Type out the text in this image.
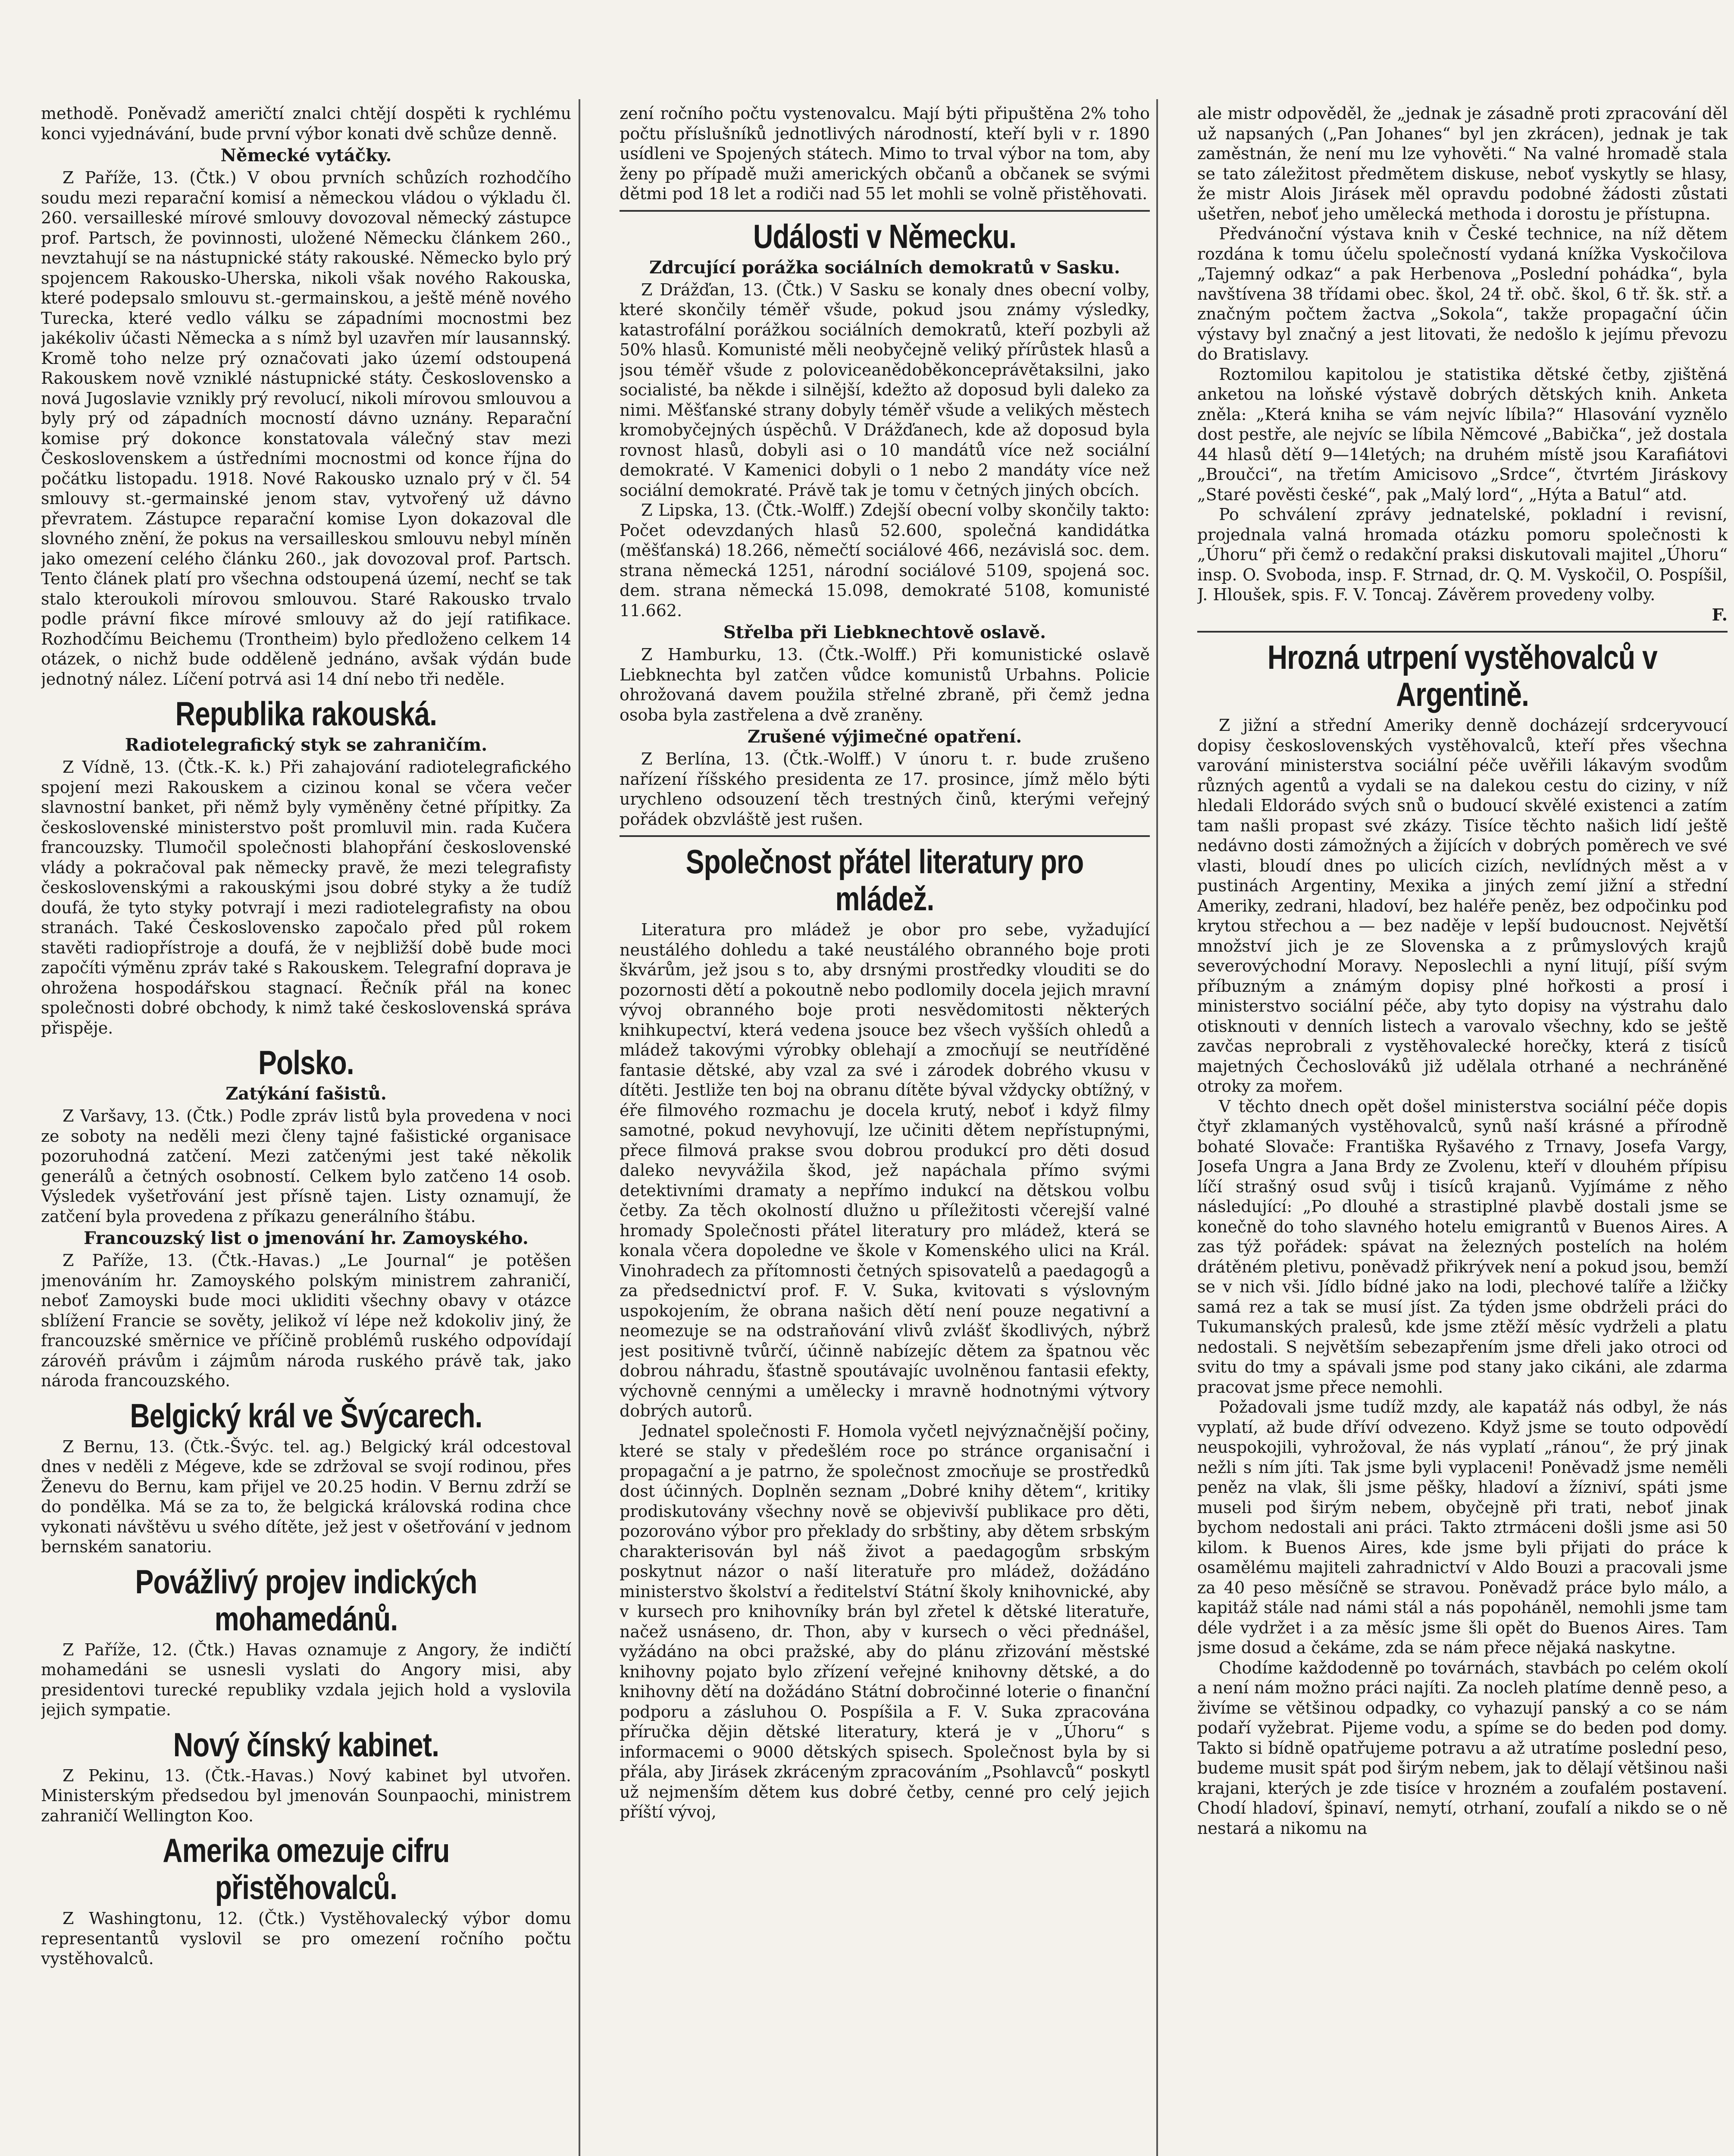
methodě. Poněvadž američtí znalci chtějí dospěti k rychlému konci vyjednávání, bude první výbor konati dvě schůze denně.

Německé vytáčky.

Z Paříže, 13. (Čtk.) V obou prvních schůzích rozhodčího soudu mezi reparační komisí a německou vládou o výkladu čl. 260. versailleské mírové smlouvy dovozoval německý zástupce prof. Partsch, že povinnosti, uložené Německu článkem 260., nevztahují se na nástupnické státy rakouské. Německo bylo prý spojencem Rakousko-Uherska, nikoli však nového Rakouska, které podepsalo smlouvu st.-germainskou, a ještě méně nového Turecka, které vedlo válku se západními mocnostmi bez jakékoliv účasti Německa a s nímž byl uzavřen mír lausannský. Kromě toho nelze prý označovati jako území odstoupená Rakouskem nově vzniklé nástupnické státy. Československo a nová Jugoslavie vznikly prý revolucí, nikoli mírovou smlouvou a byly prý od západních mocností dávno uznány. Reparační komise prý dokonce konstatovala válečný stav mezi Československem a ústředními mocnostmi od konce října do počátku listopadu. 1918. Nové Rakousko uznalo prý v čl. 54 smlouvy st.-germainské jenom stav, vytvořený už dávno převratem. Zástupce reparační komise Lyon dokazoval dle slovného znění, že pokus na versailleskou smlouvu nebyl míněn jako omezení celého článku 260., jak dovozoval prof. Partsch. Tento článek platí pro všechna odstoupená území, nechť se tak stalo kteroukoli mírovou smlouvou. Staré Rakousko trvalo podle právní fikce mírové smlouvy až do její ratifikace. Rozhodčímu Beichemu (Trontheim) bylo předloženo celkem 14 otázek, o nichž bude odděleně jednáno, avšak výdán bude jednotný nález. Líčení potrvá asi 14 dní nebo tři neděle.

Republika rakouská.
Radiotelegrafický styk se zahraničím.

Z Vídně, 13. (Čtk.-K. k.) Při zahajování radiotelegrafického spojení mezi Rakouskem a cizinou konal se včera večer slavnostní banket, při němž byly vyměněny četné přípitky. Za československé ministerstvo pošt promluvil min. rada Kučera francouzsky. Tlumočil společnosti blahopřání československé vlády a pokračoval pak německy pravě, že mezi telegrafisty československými a rakouskými jsou dobré styky a že tudíž doufá, že tyto styky potvrají i mezi radiotelegrafisty na obou stranách. Také Československo započalo před půl rokem stavěti radiopřístroje a doufá, že v nejbližší době bude moci započíti výměnu zpráv také s Rakouskem. Telegrafní doprava je ohrožena hospodářskou stagnací. Řečník přál na konec společnosti dobré obchody, k nimž také československá správa přispěje.

Polsko.
Zatýkání fašistů.

Z Varšavy, 13. (Čtk.) Podle zpráv listů byla provedena v noci ze soboty na neděli mezi členy tajné fašistické organisace pozoruhodná zatčení. Mezi zatčenými jest také několik generálů a četných osobností. Celkem bylo zatčeno 14 osob. Výsledek vyšetřování jest přísně tajen. Listy oznamují, že zatčení byla provedena z příkazu generálního štábu.

Francouzský list o jmenování hr. Zamoyského.

Z Paříže, 13. (Čtk.-Havas.) „Le Journal“ je potěšen jmenováním hr. Zamoyského polským ministrem zahraničí, neboť Zamoyski bude moci ukliditi všechny obavy v otázce sblížení Francie se sověty, jelikož ví lépe než kdokoliv jiný, že francouzské směrnice ve příčině problémů ruského odpovídají zárovéň právům i zájmům národa ruského právě tak, jako národa francouzského.

Belgický král ve Švýcarech.

Z Bernu, 13. (Čtk.-Švýc. tel. ag.) Belgický král odcestoval dnes v neděli z Mégeve, kde se zdržoval se svojí rodinou, přes Ženevu do Bernu, kam přijel ve 20.25 hodin. V Bernu zdrží se do pondělka. Má se za to, že belgická královská rodina chce vykonati návštěvu u svého dítěte, jež jest v ošetřování v jednom bernském sanatoriu.

Povážlivý projev indických mohamedánů.

Z Paříže, 12. (Čtk.) Havas oznamuje z Angory, že indičtí mohamedáni se usnesli vyslati do Angory misi, aby presidentovi turecké republiky vzdala jejich hold a vyslovila jejich sympatie.

Nový čínský kabinet.

Z Pekinu, 13. (Čtk.-Havas.) Nový kabinet byl utvořen. Ministerským předsedou byl jmenován Sounpaochi, ministrem zahraničí Wellington Koo.

Amerika omezuje cifru přistěhovalců.

Z Washingtonu, 12. (Čtk.) Vystěhovalecký výbor domu representantů vyslovil se pro omezení ročního počtu vystěhovalců.

zení ročního počtu vystenovalcu. Mají býti připuštěna 2% toho počtu příslušníků jednotlivých národností, kteří byli v r. 1890 usídleni ve Spojených státech. Mimo to trval výbor na tom, aby ženy po případě muži amerických občanů a občanek se svými dětmi pod 18 let a rodiči nad 55 let mohli se volně přistěhovati.

Události v Německu.
Zdrcující porážka sociálních demokratů v Sasku.

Z Drážďan, 13. (Čtk.) V Sasku se konaly dnes obecní volby, které skončily téměř všude, pokud jsou známy výsledky, katastrofální porážkou sociálních demokratů, kteří pozbyli až 50% hlasů. Komunisté měli neobyčejně veliký přírůstek hlasů a jsou téměř všude z poloviceanědoběkonceprávětaksilni, jako socialisté, ba někde i silnější, kdežto až doposud byli daleko za nimi. Měšťanské strany dobyly téměř všude a velikých městech kromobyčejných úspěchů. V Drážďanech, kde až doposud byla rovnost hlasů, dobyli asi o 10 mandátů více než sociální demokraté. V Kamenici dobyli o 1 nebo 2 mandáty více než sociální demokraté. Právě tak je tomu v četných jiných obcích.

Z Lipska, 13. (Čtk.-Wolff.) Zdejší obecní volby skončily takto: Počet odevzdaných hlasů 52.600, společná kandidátka (měšťanská) 18.266, němečtí sociálové 466, nezávislá soc. dem. strana německá 1251, národní sociálové 5109, spojená soc. dem. strana německá 15.098, demokraté 5108, komunisté 11.662.

Střelba při Liebknechtově oslavě.

Z Hamburku, 13. (Čtk.-Wolff.) Při komunistické oslavě Liebknechta byl zatčen vůdce komunistů Urbahns. Policie ohrožovaná davem použila střelné zbraně, při čemž jedna osoba byla zastřelena a dvě zraněny.

Zrušené výjimečné opatření.

Z Berlína, 13. (Čtk.-Wolff.) V únoru t. r. bude zrušeno nařízení říšského presidenta ze 17. prosince, jímž mělo býti urychleno odsouzení těch trestných činů, kterými veřejný pořádek obzvláště jest rušen.

Společnost přátel literatury pro mládež.

Literatura pro mládež je obor pro sebe, vyžadující neustálého dohledu a také neustálého obranného boje proti škvárům, jež jsou s to, aby drsnými prostředky vlouditi se do pozornosti dětí a pokoutně nebo podlomily docela jejich mravní vývoj obranného boje proti nesvědomitosti některých knihkupectví, která vedena jsouce bez všech vyšších ohledů a mládež takovými výrobky oblehají a zmocňují se neutříděné fantasie dětské, aby vzal za své i zárodek dobrého vkusu v dítěti. Jestliže ten boj na obranu dítěte býval vždycky obtížný, v éře filmového rozmachu je docela krutý, neboť i když filmy samotné, pokud nevyhovují, lze učiniti dětem nepřístupnými, přece filmová prakse svou dobrou produkcí pro děti dosud daleko nevyvážila škod, jež napáchala přímo svými detektivními dramaty a nepřímo indukcí na dětskou volbu četby. Za těch okolností dlužno u příležitosti včerejší valné hromady Společnosti přátel literatury pro mládež, která se konala včera dopoledne ve škole v Komenského ulici na Král. Vinohradech za přítomnosti četných spisovatelů a paedagogů a za předsednictví prof. F. V. Suka, kvitovati s výslovným uspokojením, že obrana našich dětí není pouze negativní a neomezuje se na odstraňování vlivů zvlášť škodlivých, nýbrž jest positivně tvůrčí, účinně nabízejíc dětem za špatnou věc dobrou náhradu, šťastně spoutávajíc uvolněnou fantasii efekty, výchovně cennými a umělecky i mravně hodnotnými výtvory dobrých autorů.

Jednatel společnosti F. Homola vyčetl nejvýznačnější počiny, které se staly v předešlém roce po stránce organisační i propagační a je patrno, že společnost zmocňuje se prostředků dost účinných. Doplněn seznam „Dobré knihy dětem“, kritiky prodiskutovány všechny nově se objevivší publikace pro děti, pozorováno výbor pro překlady do srbštiny, aby dětem srbským charakterisován byl náš život a paedagogům srbským poskytnut názor o naší literatuře pro mládež, dožádáno ministerstvo školství a ředitelství Státní školy knihovnické, aby v kursech pro knihovníky brán byl zřetel k dětské literatuře, načež usnáseno, dr. Thon, aby v kursech o věci přednášel, vyžádáno na obci pražské, aby do plánu zřizování městské knihovny pojato bylo zřízení veřejné knihovny dětské, a do knihovny dětí na dožádáno Státní dobročinné loterie o finanční podporu a zásluhou O. Pospíšila a F. V. Suka zpracována příručka dějin dětské literatury, která je v „Úhoru“ s informacemi o 9000 dětských spisech. Společnost byla by si přála, aby Jirásek zkráceným zpracováním „Psohlavců“ poskytl už nejmenším dětem kus dobré četby, cenné pro celý jejich příští vývoj,

ale mistr odpověděl, že „jednak je zásadně proti zpracování děl už napsaných („Pan Johanes“ byl jen zkrácen), jednak je tak zaměstnán, že není mu lze vyhověti.“ Na valné hromadě stala se tato záležitost předmětem diskuse, neboť vyskytly se hlasy, že mistr Alois Jirásek měl opravdu podobné žádosti zůstati ušetřen, neboť jeho umělecká methoda i dorostu je přístupna.

Předvánoční výstava knih v České technice, na níž dětem rozdána k tomu účelu společností vydaná knížka Vyskočilova „Tajemný odkaz“ a pak Herbenova „Poslední pohádka“, byla navštívena 38 třídami obec. škol, 24 tř. obč. škol, 6 tř. šk. stř. a značným počtem žactva „Sokola“, takže propagační účin výstavy byl značný a jest litovati, že nedošlo k jejímu převozu do Bratislavy.

Roztomilou kapitolou je statistika dětské četby, zjištěná anketou na loňské výstavě dobrých dětských knih. Anketa zněla: „Která kniha se vám nejvíc líbila?“ Hlasování vyznělo dost pestře, ale nejvíc se líbila Němcové „Babička“, jež dostala 44 hlasů dětí 9—14letých; na druhém místě jsou Karafiátovi „Broučci“, na třetím Amicisovo „Srdce“, čtvrtém Jiráskovy „Staré pověsti české“, pak „Malý lord“, „Hýta a Batul“ atd.

Po schválení zprávy jednatelské, pokladní i revisní, projednala valná hromada otázku pomoru společnosti k „Úhoru“ při čemž o redakční praksi diskutovali majitel „Úhoru“ insp. O. Svoboda, insp. F. Strnad, dr. Q. M. Vyskočil, O. Pospíšil, J. Hloušek, spis. F. V. Toncaj. Závěrem provedeny volby.

F.

Hrozná utrpení vystěhovalců v Argentině.

Z jižní a střední Ameriky denně docházejí srdceryvoucí dopisy československých vystěhovalců, kteří přes všechna varování ministerstva sociální péče uvěřili lákavým svodům různých agentů a vydali se na dalekou cestu do ciziny, v níž hledali Eldorádo svých snů o budoucí skvělé existenci a zatím tam našli propast své zkázy. Tisíce těchto našich lidí ještě nedávno dosti zámožných a žijících v dobrých poměrech ve své vlasti, bloudí dnes po ulicích cizích, nevlídných měst a v pustinách Argentiny, Mexika a jiných zemí jižní a střední Ameriky, zedrani, hladoví, bez haléře peněz, bez odpočinku pod krytou střechou a — bez naděje v lepší budoucnost. Největší množství jich je ze Slovenska a z průmyslových krajů severovýchodní Moravy. Neposlechli a nyní litují, píší svým příbuzným a známým dopisy plné hořkosti a prosí i ministerstvo sociální péče, aby tyto dopisy na výstrahu dalo otisknouti v denních listech a varovalo všechny, kdo se ještě zavčas neprobrali z vystěhovalecké horečky, která z tisíců majetných Čechoslováků již udělala otrhané a nechráněné otroky za mořem.

V těchto dnech opět došel ministerstva sociální péče dopis čtyř zklamaných vystěhovalců, synů naší krásné a přírodně bohaté Slovače: Františka Ryšavého z Trnavy, Josefa Vargy, Josefa Ungra a Jana Brdy ze Zvolenu, kteří v dlouhém přípisu líčí strašný osud svůj i tisíců krajanů. Vyjímáme z něho následující: „Po dlouhé a strastiplné plavbě dostali jsme se konečně do toho slavného hotelu emigrantů v Buenos Aires. A zas týž pořádek: spávat na železných postelích na holém drátěném pletivu, poněvadž přikrývek není a pokud jsou, bemží se v nich vši. Jídlo bídné jako na lodi, plechové talíře a lžičky samá rez a tak se musí jíst. Za týden jsme obdrželi práci do Tukumanských pralesů, kde jsme ztěží měsíc vydrželi a platu nedostali. S největším sebezapřením jsme dřeli jako otroci od svitu do tmy a spávali jsme pod stany jako cikáni, ale zdarma pracovat jsme přece nemohli.

Požadovali jsme tudíž mzdy, ale kapatáž nás odbyl, že nás vyplatí, až bude dříví odvezeno. Když jsme se touto odpovědí neuspokojili, vyhrožoval, že nás vyplatí „ránou“, že prý jinak nežli s ním jíti. Tak jsme byli vyplaceni! Poněvadž jsme neměli peněz na vlak, šli jsme pěšky, hladoví a žízniví, spáti jsme museli pod širým nebem, obyčejně při trati, neboť jinak bychom nedostali ani práci. Takto ztrmáceni došli jsme asi 50 kilom. k Buenos Aires, kde jsme byli přijati do práce k osamělému majiteli zahradnictví v Aldo Bouzi a pracovali jsme za 40 peso měsíčně se stravou. Poněvadž práce bylo málo, a kapitáž stále nad námi stál a nás popoháněl, nemohli jsme tam déle vydržet i a za měsíc jsme šli opět do Buenos Aires. Tam jsme dosud a čekáme, zda se nám přece nějaká naskytne.

Chodíme každodenně po továrnách, stavbách po celém okolí a není nám možno práci najíti. Za nocleh platíme denně peso, a živíme se většinou odpadky, co vyhazují panský a co se nám podaří vyžebrat. Pijeme vodu, a spíme se do beden pod domy. Takto si bídně opatřujeme potravu a až utratíme poslední peso, budeme musit spát pod širým nebem, jak to dělají většinou naši krajani, kterých je zde tisíce v hrozném a zoufalém postavení. Chodí hladoví, špinaví, nemytí, otrhaní, zoufalí a nikdo se o ně nestará a nikomu na
